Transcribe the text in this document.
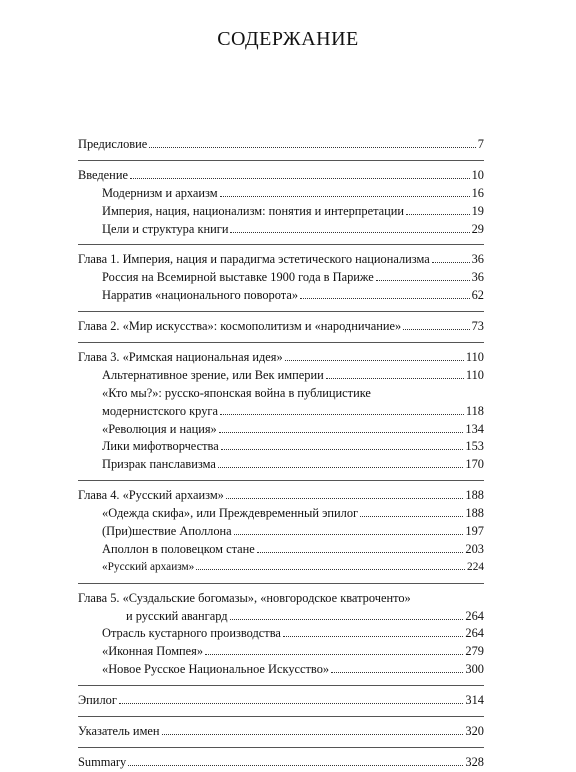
СОДЕРЖАНИЕ
Предисловие	7
Введение	10
Модернизм и архаизм	16
Империя, нация, национализм: понятия и интерпретации	19
Цели и структура книги	29
Глава 1. Империя, нация и парадигма эстетического национализма	36
Россия на Всемирной выставке 1900 года в Париже	36
Нарратив «национального поворота»	62
Глава 2. «Мир искусства»: космополитизм и «народничание»	73
Глава 3. «Римская национальная идея»	110
Альтернативное зрение, или Век империи	110
«Кто мы?»: русско-японская война в публицистике
модернистского круга	118
«Революция и нация»	134
Лики мифотворчества	153
Призрак панславизма	170
Глава 4. «Русский архаизм»	188
«Одежда скифа», или Преждевременный эпилог	188
(При)шествие Аполлона	197
Аполлон в половецком стане	203
«Русский архаизм»	224
Глава 5. «Суздальские богомазы», «новгородское кватроченто»
и русский авангард	264
Отрасль кустарного производства	264
«Иконная Помпея»	279
«Новое Русское Национальное Искусство»	300
Эпилог	314
Указатель имен	320
Summary	328
